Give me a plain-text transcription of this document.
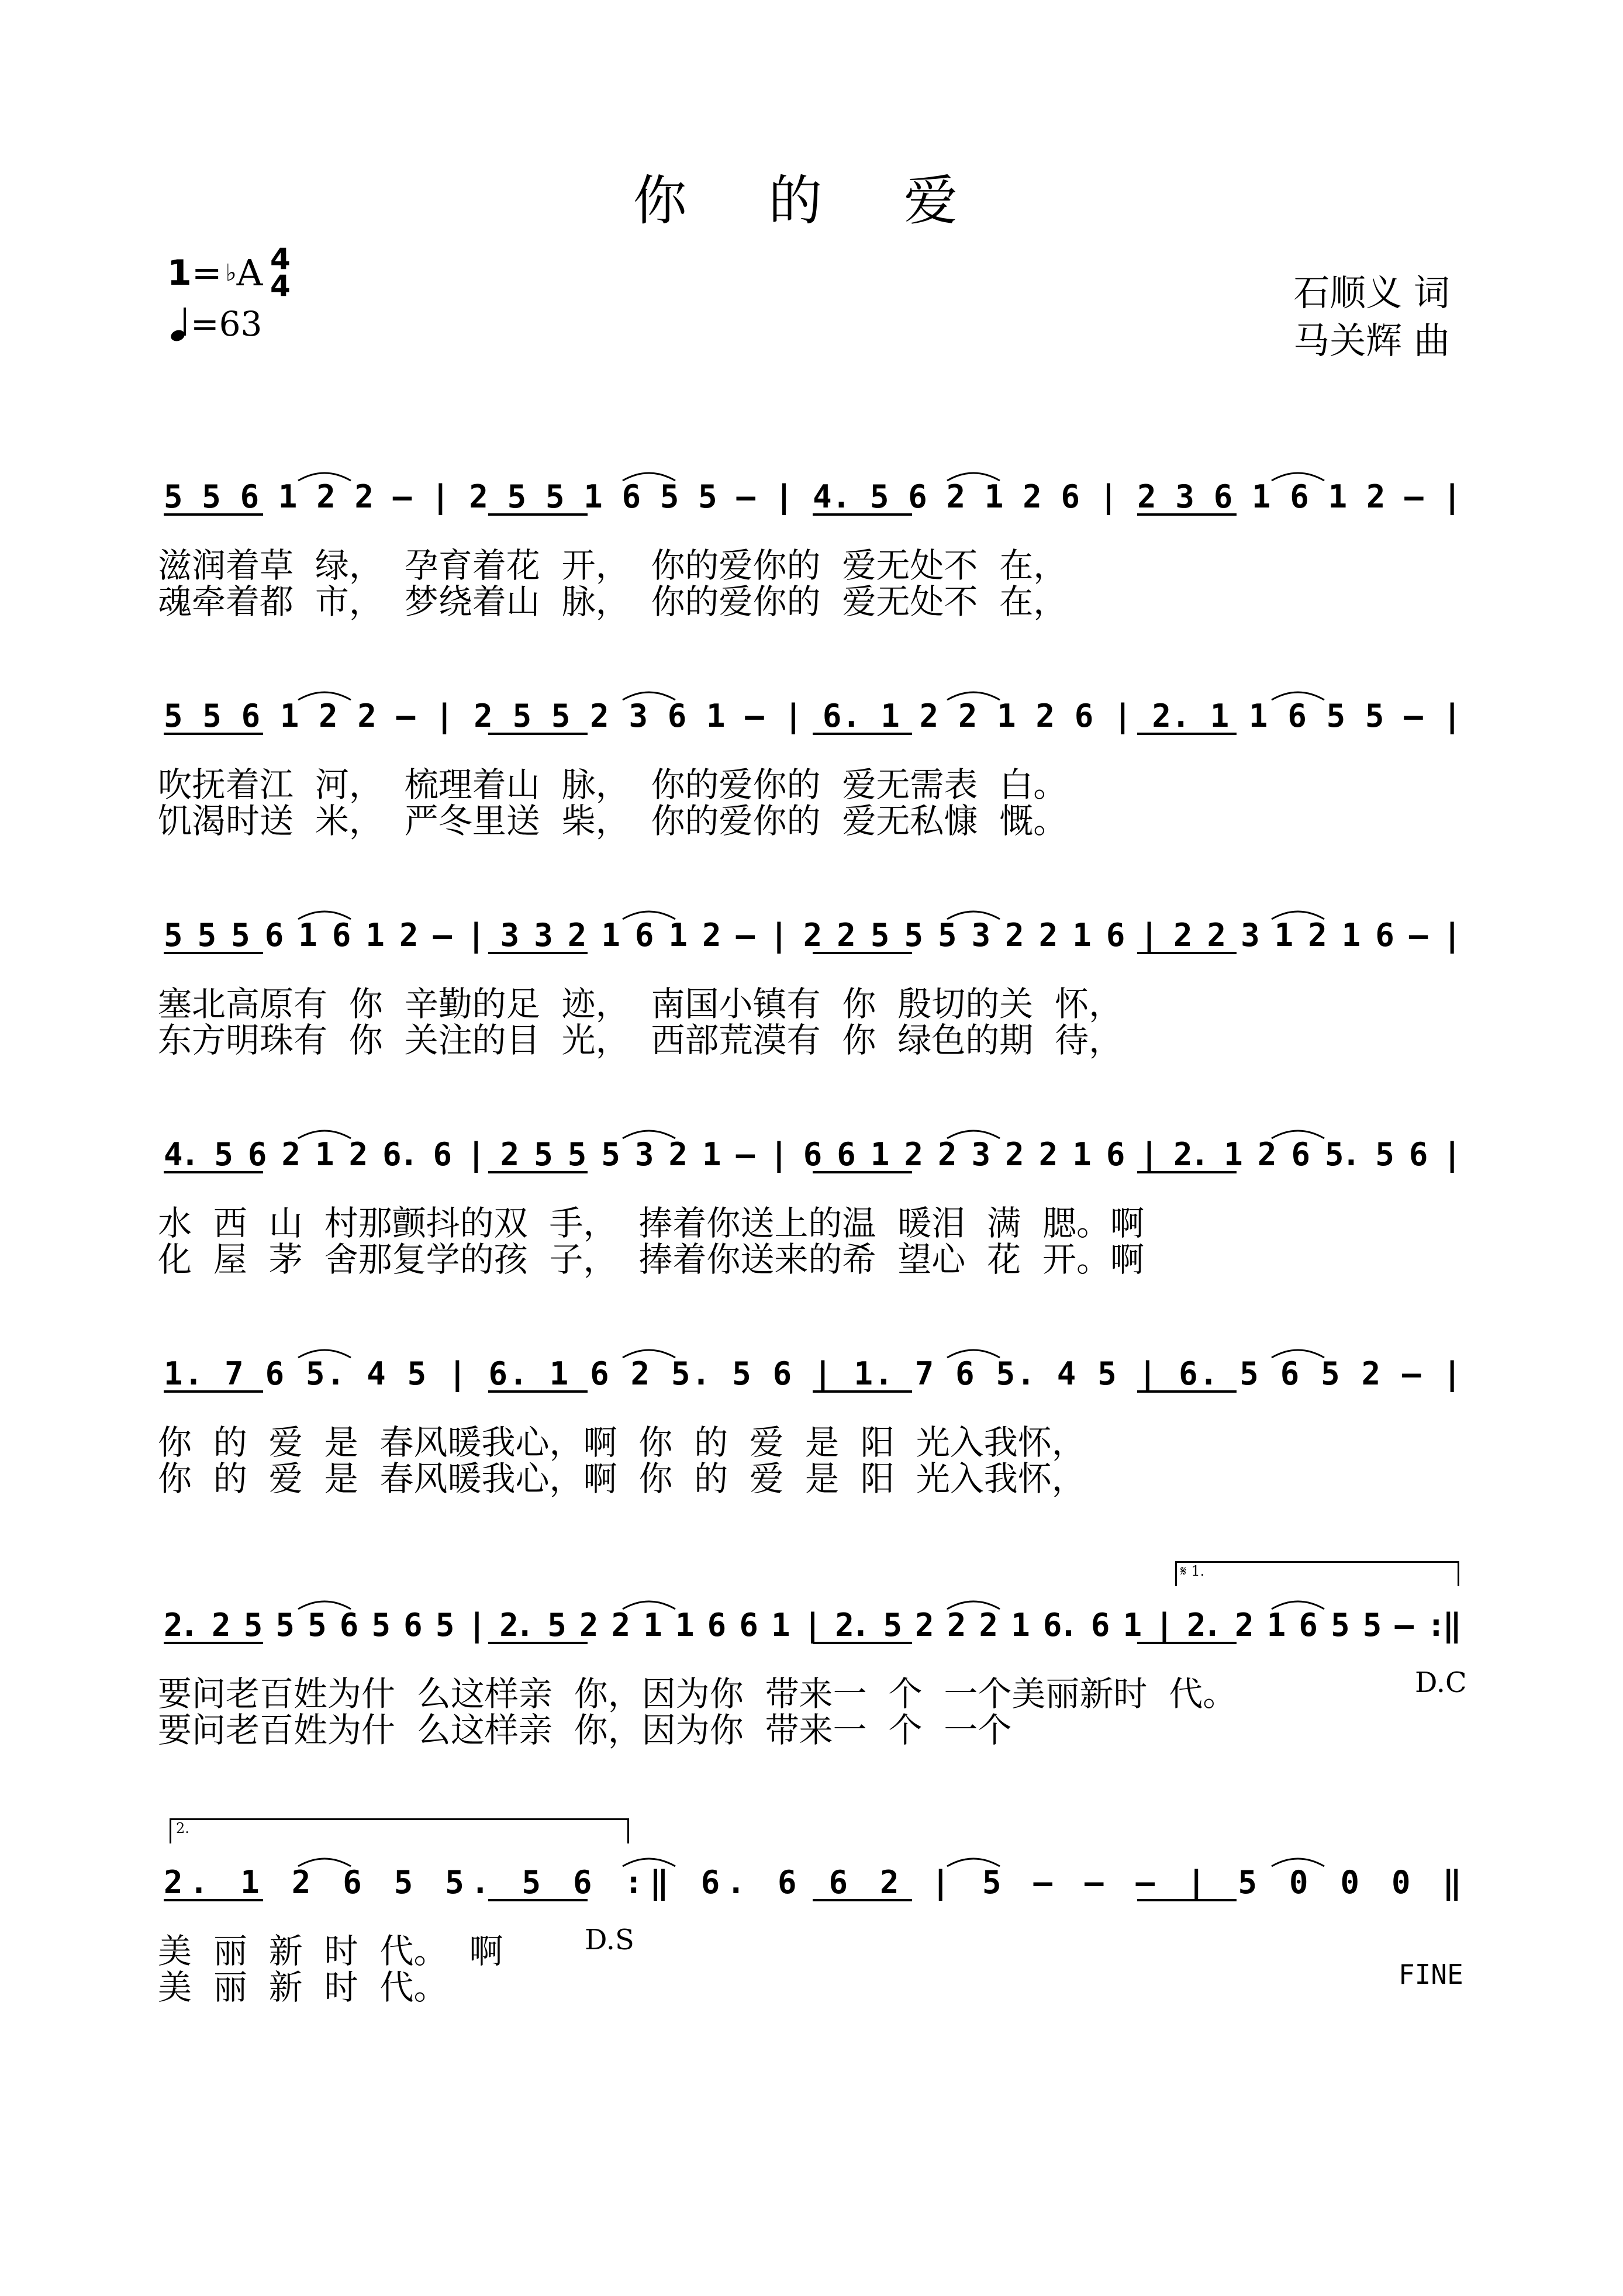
你 的 爱
1 = ♭ A 4
4
=63
石顺义 词
马关辉 曲
5 5 6 1 2 2 – | 2 5 5 1 6 5 5 – | 4. 5 6 2 1 2 6 | 2 3 6 1 6 1 2 – |
滋润着草  绿，  孕育着花  开，  你的爱你的  爱无处不  在，
魂牵着都  市，  梦绕着山  脉，  你的爱你的  爱无处不  在，
5 5 6 1 2 2 – | 2 5 5 2 3 6 1 – | 6. 1 2 2 1 2 6 | 2. 1 1 6 5 5 – |
吹抚着江  河，  梳理着山  脉，  你的爱你的  爱无需表  白。
饥渴时送  米，  严冬里送  柴，  你的爱你的  爱无私慷  慨。
5 5 5 6 1 6 1 2 – | 3 3 2 1 6 1 2 – | 2 2 5 5 5 3 2 2 1 6 | 2 2 3 1 2 1 6 – |
塞北高原有  你  辛勤的足  迹，  南国小镇有  你  殷切的关  怀，
东方明珠有  你  关注的目  光，  西部荒漠有  你  绿色的期  待，
4. 5 6 2 1 2 6. 6 | 2 5 5 5 3 2 1 – | 6 6 1 2 2 3 2 2 1 6 | 2. 1 2 6 5. 5 6 |
水  西  山  村那颤抖的双  手，  捧着你送上的温  暖泪  满  腮。啊
化  屋  茅  舍那复学的孩  子，  捧着你送来的希  望心  花  开。啊
1. 7 6 5. 4 5 | 6. 1 6 2 5. 5 6 | 1. 7 6 5. 4 5 | 6. 5 6 5 2 – |
你  的  爱  是  春风暖我心，啊  你  的  爱  是  阳  光入我怀，
你  的  爱  是  春风暖我心，啊  你  的  爱  是  阳  光入我怀，
2. 2 5 5 5 6 5 6 5 | 2. 5 2 2 1 1 6 6 1 | 2. 5 2 2 2 1 6. 6 1 | 2. 2 1 6 5 5 – :‖
要问老百姓为什  么这样亲  你，因为你  带来一  个  一个美丽新时  代。
要问老百姓为什  么这样亲  你，因为你  带来一  个  一个
D.C
𝄋 1.
2. 1 2 6 5 5. 5 6 :‖ 6. 6 6 2 | 5 – – – | 5 0 0 0 ‖
美  丽  新  时  代。  啊
美  丽  新  时  代。
D.S
2.
FINE
